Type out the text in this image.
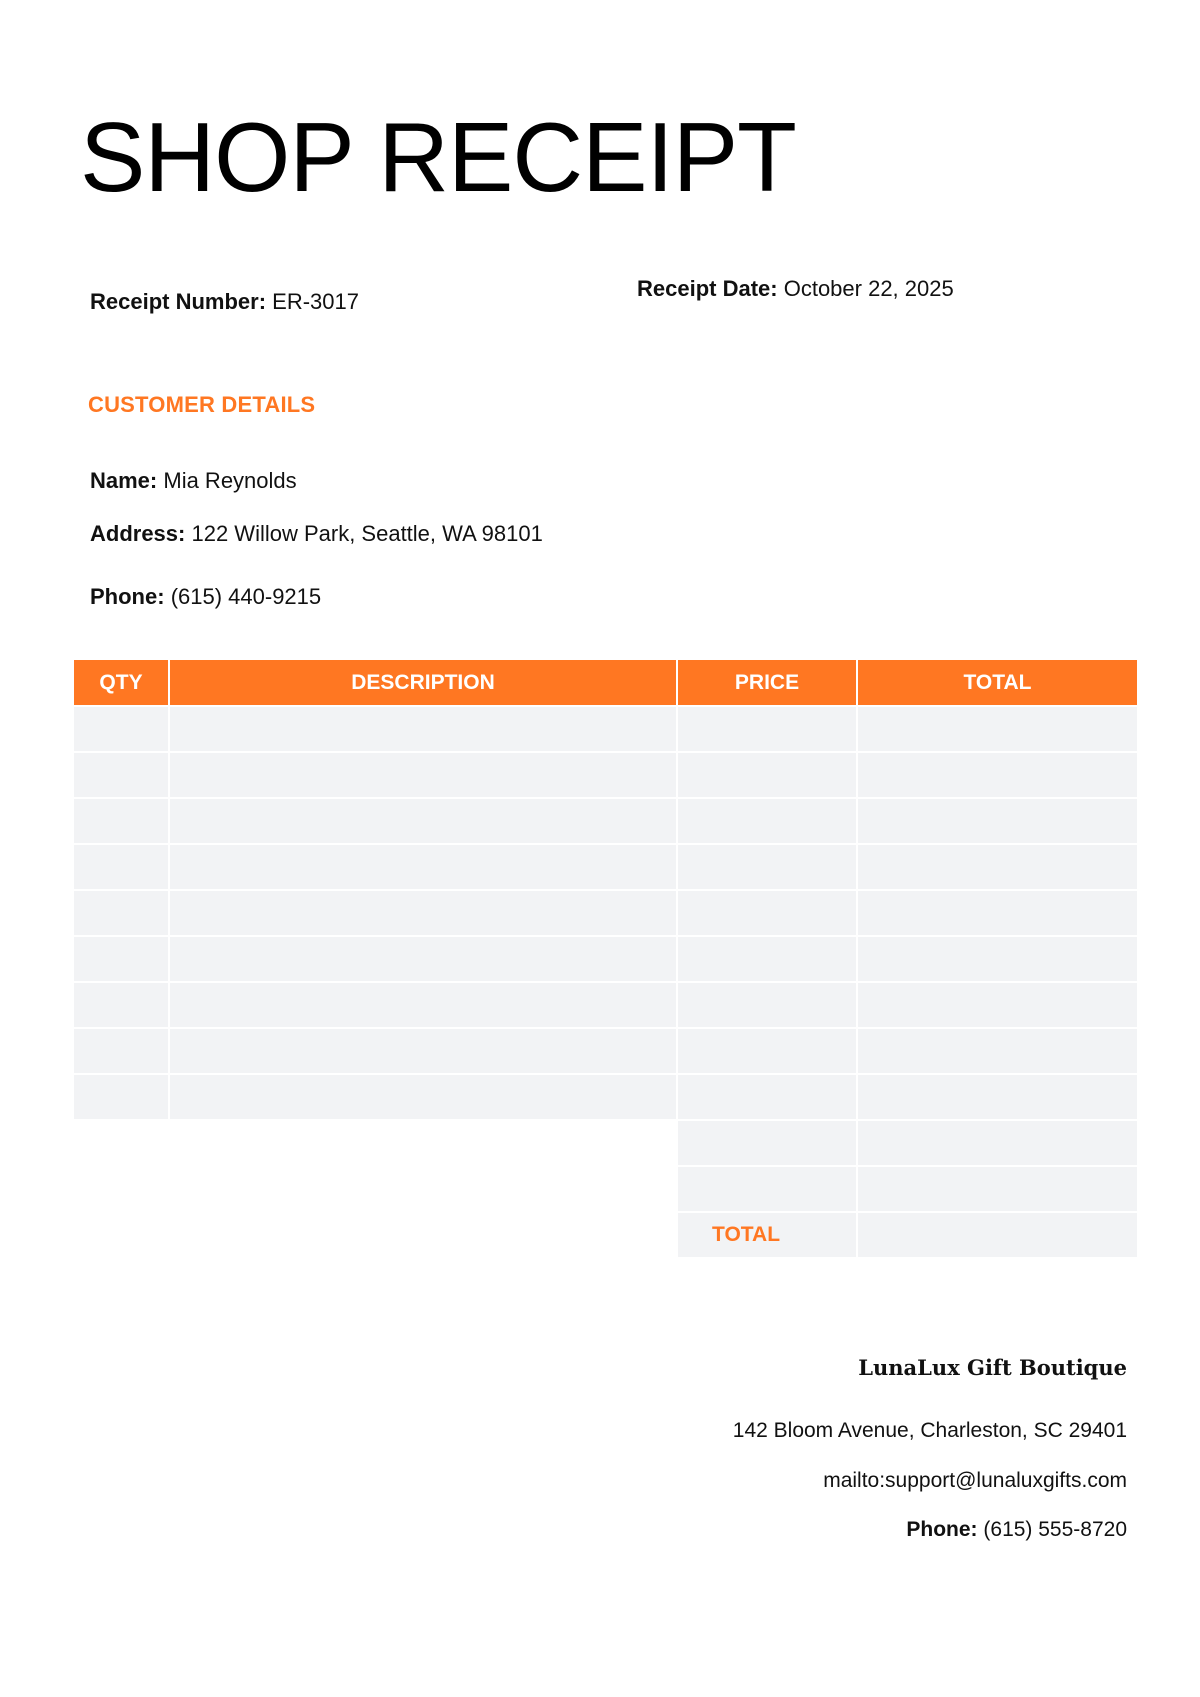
SHOP RECEIPT
Receipt Number: ER-3017
Receipt Date: October 22, 2025
CUSTOMER DETAILS
Name: Mia Reynolds
Address: 122 Willow Park, Seattle, WA 98101
Phone: (615) 440-9215
QTY	DESCRIPTION	PRICE	TOTAL
TOTAL
LunaLux Gift Boutique
142 Bloom Avenue, Charleston, SC 29401
mailto:support@lunaluxgifts.com
Phone: (615) 555-8720
